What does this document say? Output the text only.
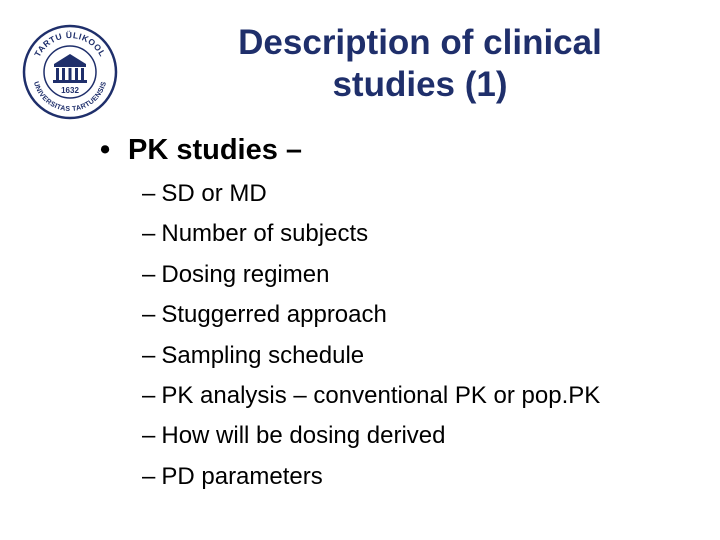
TARTU ÜLIKOOL
UNIVERSITAS TARTUENSIS
1632
Description of clinical
studies (1)
• PK studies –
– SD or MD
– Number of subjects
– Dosing regimen
– Stuggerred approach
– Sampling schedule
– PK analysis – conventional PK or pop.PK
– How will be dosing derived
– PD parameters
